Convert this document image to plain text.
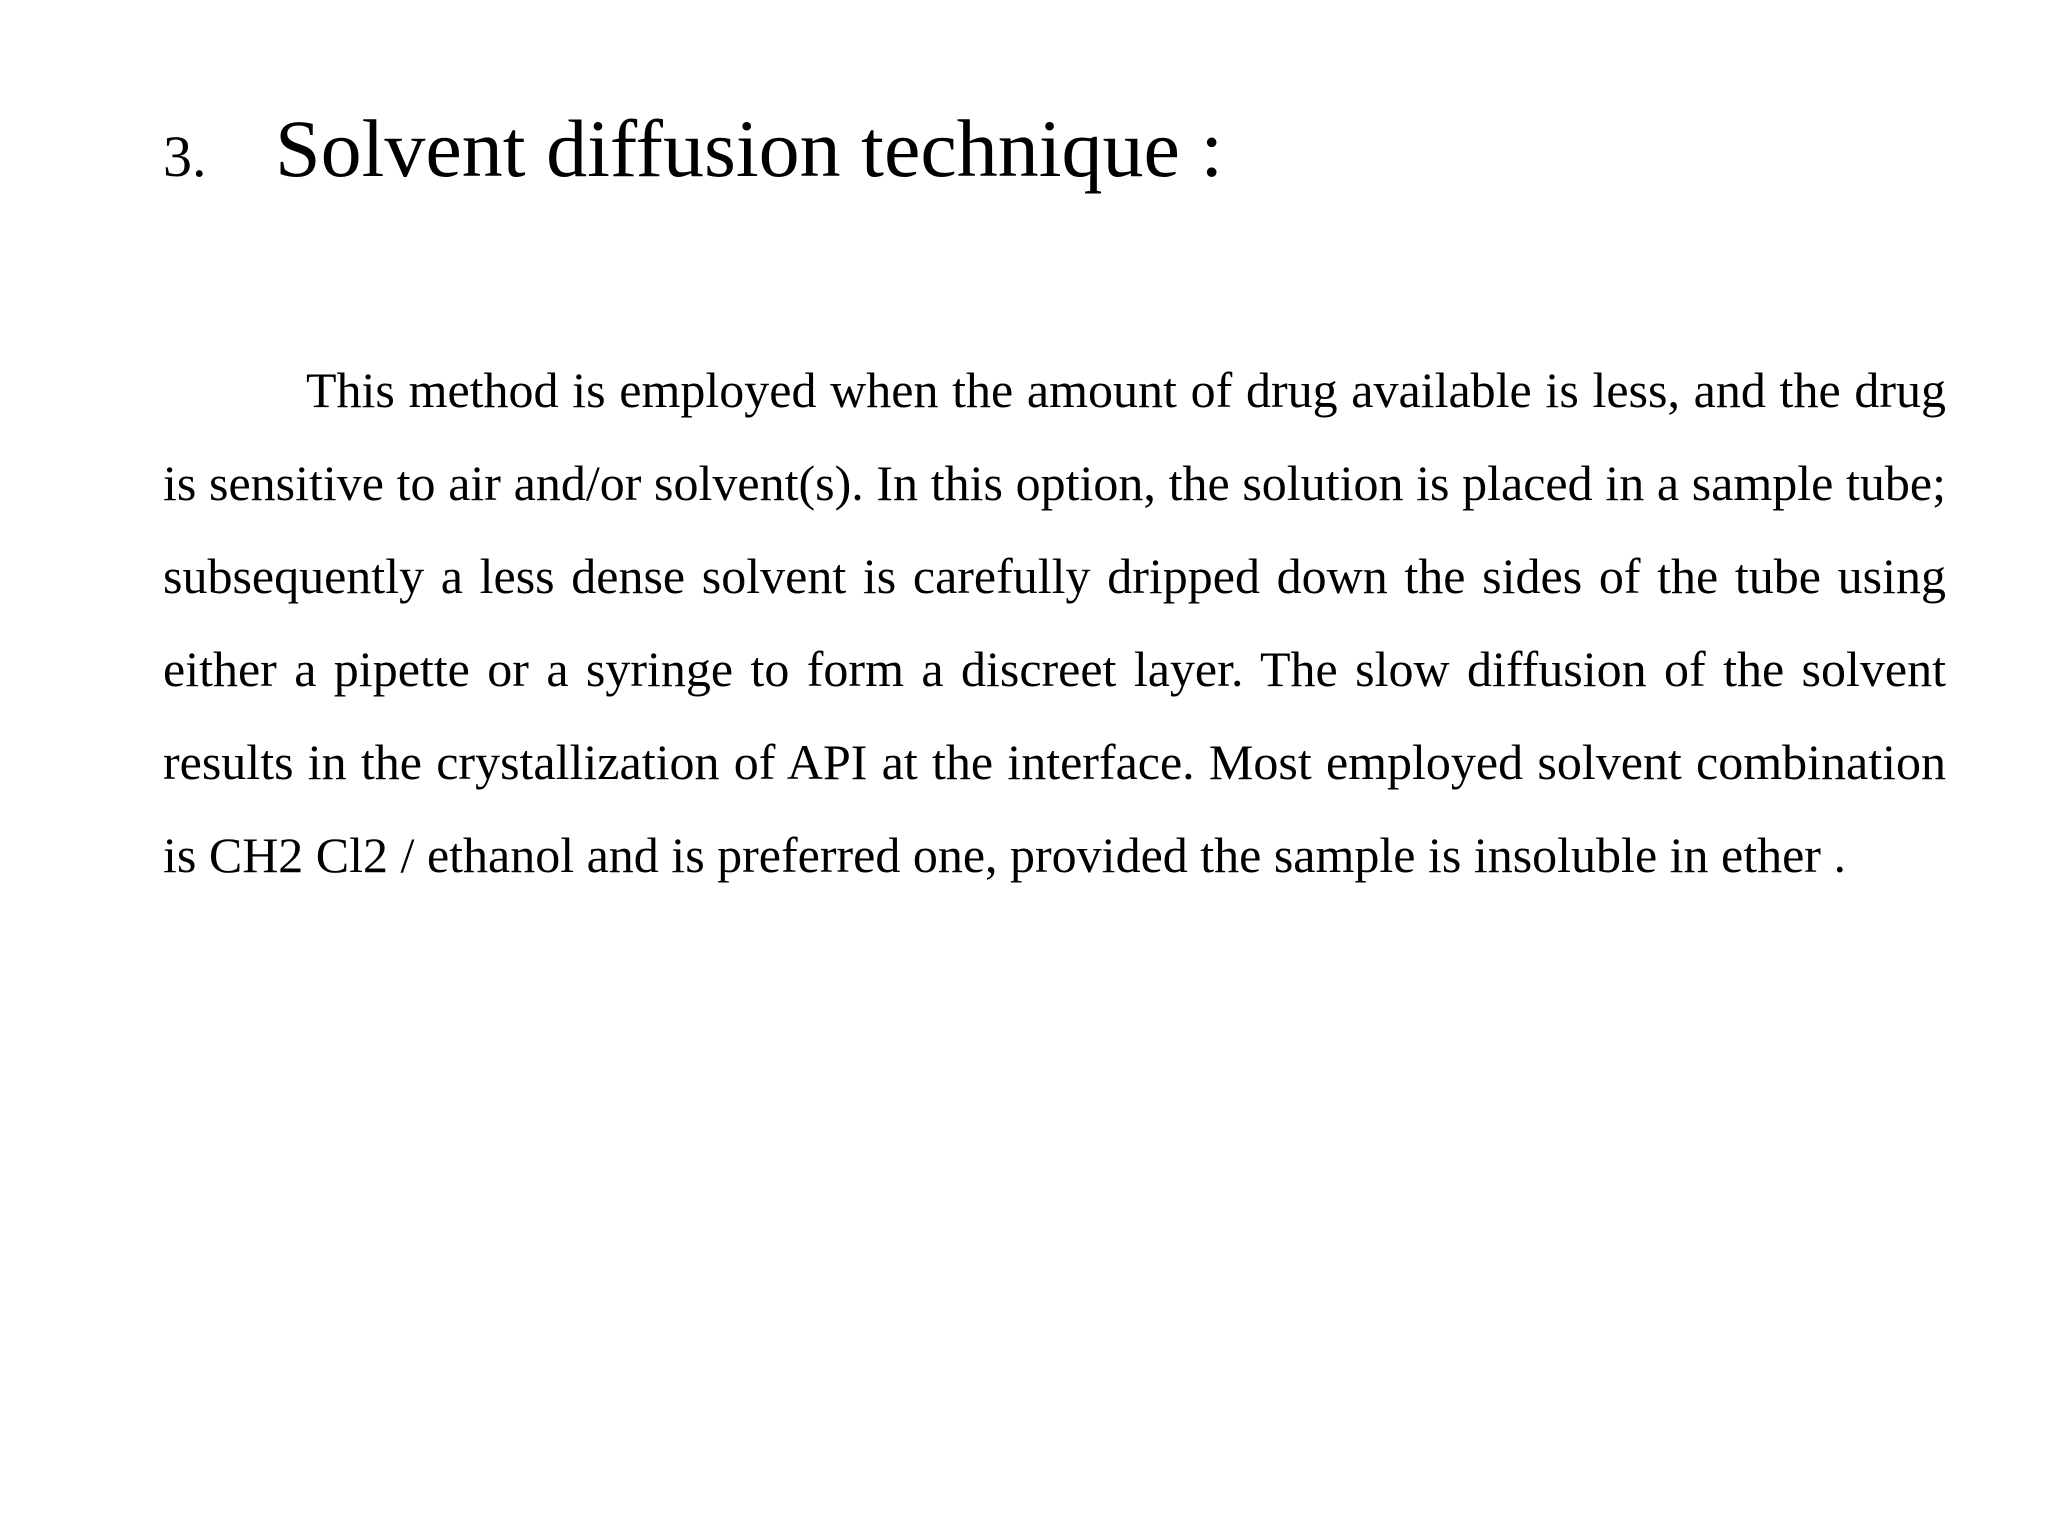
3. Solvent diffusion technique :

This method is employed when the amount of drug available is less, and the drug is sensitive to air and/or solvent(s). In this option, the solution is placed in a sample tube; subsequently a less dense solvent is carefully dripped down the sides of the tube using either a pipette or a syringe to form a discreet layer. The slow diffusion of the solvent results in the crystallization of API at the interface. Most employed solvent combination is CH2 Cl2 / ethanol and is preferred one, provided the sample is insoluble in ether .
